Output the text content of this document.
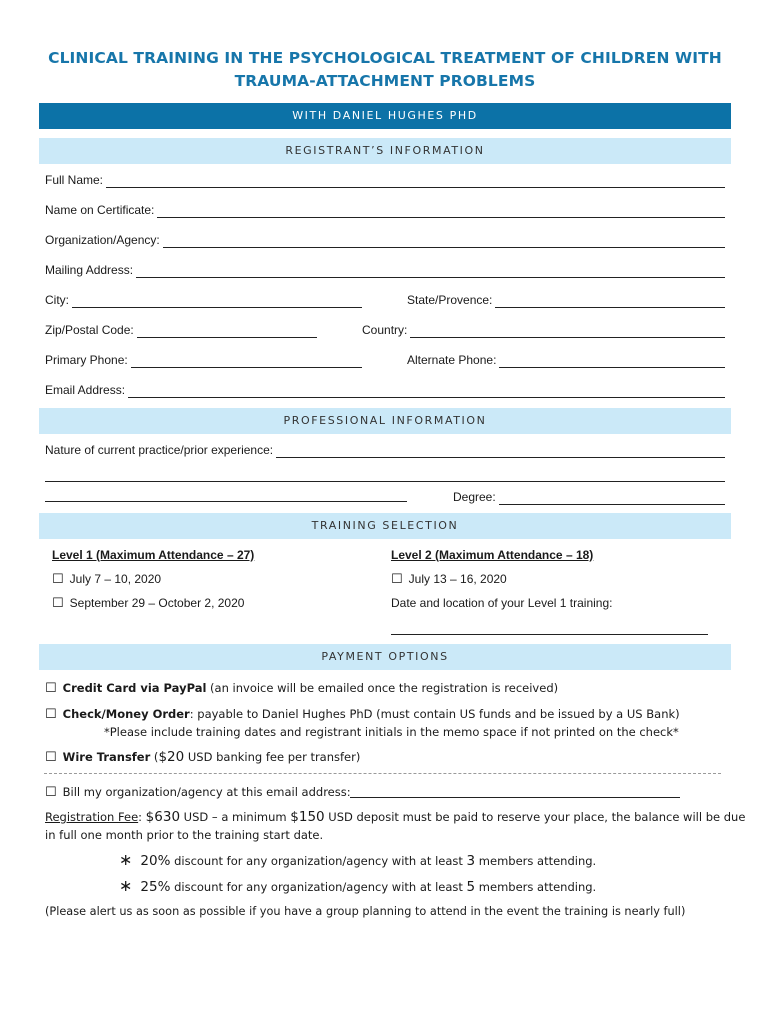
CLINICAL TRAINING IN THE PSYCHOLOGICAL TREATMENT OF CHILDREN WITH
TRAUMA-ATTACHMENT PROBLEMS
WITH DANIEL HUGHES PHD
REGISTRANT’S INFORMATION
Full Name:
Name on Certificate:
Organization/Agency:
Mailing Address:
City:	State/Provence:
Zip/Postal Code:	Country:
Primary Phone:	Alternate Phone:
Email Address:
PROFESSIONAL INFORMATION
Nature of current practice/prior experience:
Degree:
TRAINING SELECTION
Level 1 (Maximum Attendance – 27)	Level 2 (Maximum Attendance – 18)
☐ July 7 – 10, 2020	☐ July 13 – 16, 2020
☐ September 29 – October 2, 2020	Date and location of your Level 1 training:
PAYMENT OPTIONS
☐ Credit Card via PayPal (an invoice will be emailed once the registration is received)
☐ Check/Money Order: payable to Daniel Hughes PhD (must contain US funds and be issued by a US Bank)
*Please include training dates and registrant initials in the memo space if not printed on the check*
☐ Wire Transfer ($20 USD banking fee per transfer)
☐ Bill my organization/agency at this email address:
Registration Fee: $630 USD – a minimum $150 USD deposit must be paid to reserve your place, the balance will be due
in full one month prior to the training start date.
∗ 20% discount for any organization/agency with at least 3 members attending.
∗ 25% discount for any organization/agency with at least 5 members attending.
(Please alert us as soon as possible if you have a group planning to attend in the event the training is nearly full)
